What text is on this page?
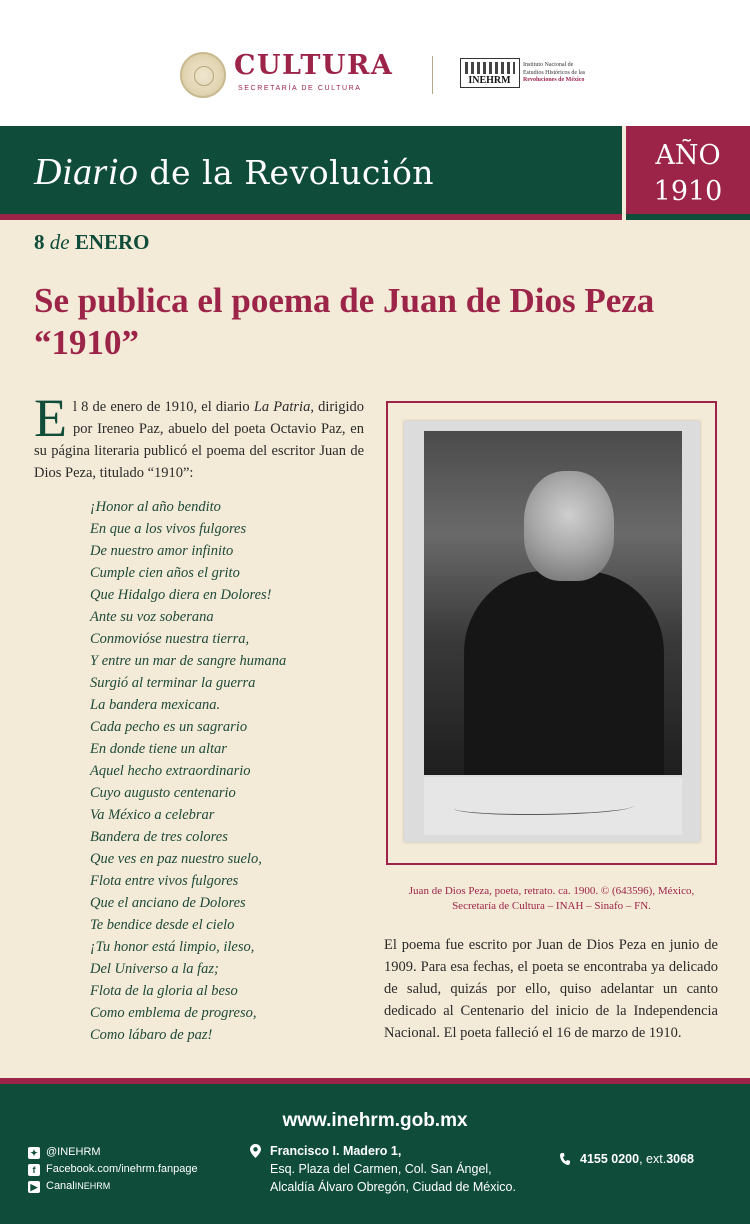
CULTURA
SECRETARÍA DE CULTURA
INEHRM
Instituto Nacional de
Estudios Históricos de las
Revoluciones de México
Diario de la Revolución	AÑO
1910
8 de ENERO
Se publica el poema de Juan de Dios Peza “1910”
El 8 de enero de 1910, el diario La Patria, dirigido por Ireneo Paz, abuelo del poeta Octavio Paz, en su página literaria publicó el poema del escritor Juan de Dios Peza, titulado “1910”:
¡Honor al año bendito
En que a los vivos fulgores
De nuestro amor infinito
Cumple cien años el grito
Que Hidalgo diera en Dolores!
Ante su voz soberana
Conmovióse nuestra tierra,
Y entre un mar de sangre humana
Surgió al terminar la guerra
La bandera mexicana.
Cada pecho es un sagrario
En donde tiene un altar
Aquel hecho extraordinario
Cuyo augusto centenario
Va México a celebrar
Bandera de tres colores
Que ves en paz nuestro suelo,
Flota entre vivos fulgores
Que el anciano de Dolores
Te bendice desde el cielo
¡Tu honor está limpio, ileso,
Del Universo a la faz;
Flota de la gloria al beso
Como emblema de progreso,
Como lábaro de paz!
Juan de Dios Peza, poeta, retrato. ca. 1900. © (643596), México,
Secretaría de Cultura – INAH – Sinafo – FN.
El poema fue escrito por Juan de Dios Peza en junio de 1909. Para esa fechas, el poeta se encontraba ya delicado de salud, quizás por ello, quiso adelantar un canto dedicado al Centenario del inicio de la Independencia Nacional. El poeta falleció el 16 de marzo de 1910.
www.inehrm.gob.mx
✦ @INEHRM
f Facebook.com/inehrm.fanpage
▶ Canal INEHRM
Francisco I. Madero 1,
Esq. Plaza del Carmen, Col. San Ángel,
Alcaldía Álvaro Obregón, Ciudad de México.
4155 0200 , ext. 3068
